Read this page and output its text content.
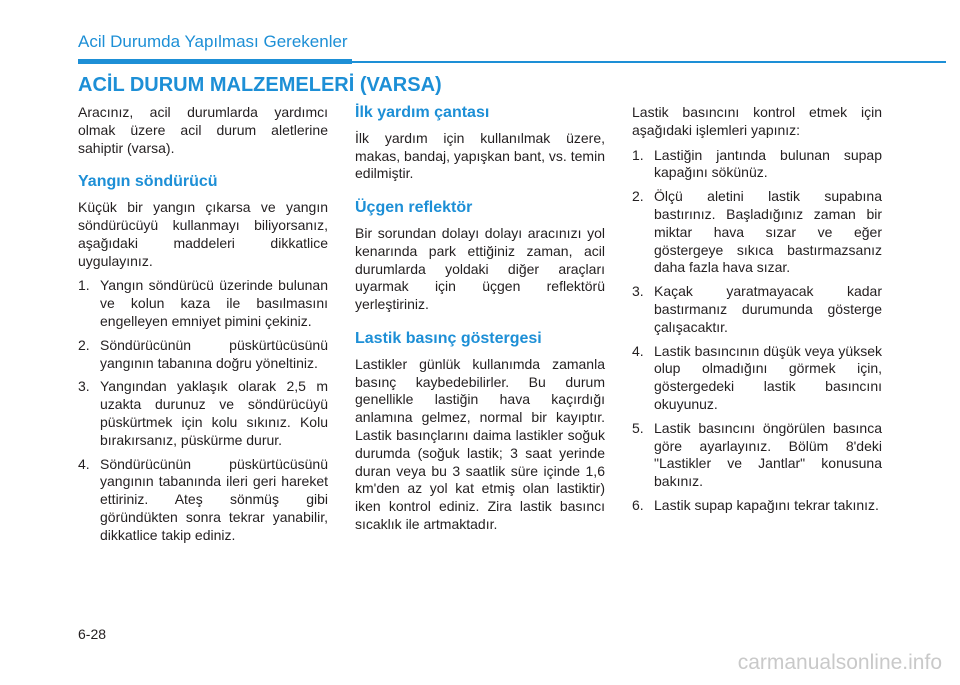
Acil Durumda Yapılması Gerekenler
ACİL DURUM MALZEMELERİ (VARSA)

Aracınız, acil durumlarda yardımcı olmak üzere acil durum aletlerine sahiptir (varsa).

Yangın söndürücü

Küçük bir yangın çıkarsa ve yangın söndürücüyü kullanmayı biliyorsanız, aşağıdaki maddeleri dikkatlice uygulayınız.

1. Yangın söndürücü üzerinde bulunan ve kolun kaza ile basılmasını engelleyen emniyet pimini çekiniz.
2. Söndürücünün püskürtücüsünü yangının tabanına doğru yöneltiniz.
3. Yangından yaklaşık olarak 2,5 m uzakta durunuz ve söndürücüyü püskürtmek için kolu sıkınız. Kolu bırakırsanız, püskürme durur.
4. Söndürücünün püskürtücüsünü yangının tabanında ileri geri hareket ettiriniz. Ateş sönmüş gibi göründükten sonra tekrar yanabilir, dikkatlice takip ediniz.
İlk yardım çantası

İlk yardım için kullanılmak üzere, makas, bandaj, yapışkan bant, vs. temin edilmiştir.

Üçgen reflektör

Bir sorundan dolayı dolayı aracınızı yol kenarında park ettiğiniz zaman, acil durumlarda yoldaki diğer araçları uyarmak için üçgen reflektörü yerleştiriniz.

Lastik basınç göstergesi

Lastikler günlük kullanımda zamanla basınç kaybedebilirler. Bu durum genellikle lastiğin hava kaçırdığı anlamına gelmez, normal bir kayıptır. Lastik basınçlarını daima lastikler soğuk durumda (soğuk lastik; 3 saat yerinde duran veya bu 3 saatlik süre içinde 1,6 km'den az yol kat etmiş olan lastiktir) iken kontrol ediniz. Zira lastik basıncı sıcaklık ile artmaktadır.

Lastik basıncını kontrol etmek için aşağıdaki işlemleri yapınız:

1. Lastiğin jantında bulunan supap kapağını sökünüz.
2. Ölçü aletini lastik supabına bastırınız. Başladığınız zaman bir miktar hava sızar ve eğer göstergeye sıkıca bastırmazsanız daha fazla hava sızar.
3. Kaçak yaratmayacak kadar bastırmanız durumunda gösterge çalışacaktır.
4. Lastik basıncının düşük veya yüksek olup olmadığını görmek için, göstergedeki lastik basıncını okuyunuz.
5. Lastik basıncını öngörülen basınca göre ayarlayınız. Bölüm 8'deki "Lastikler ve Jantlar" konusuna bakınız.
6. Lastik supap kapağını tekrar takınız.
6-28
carmanualsonline.info
